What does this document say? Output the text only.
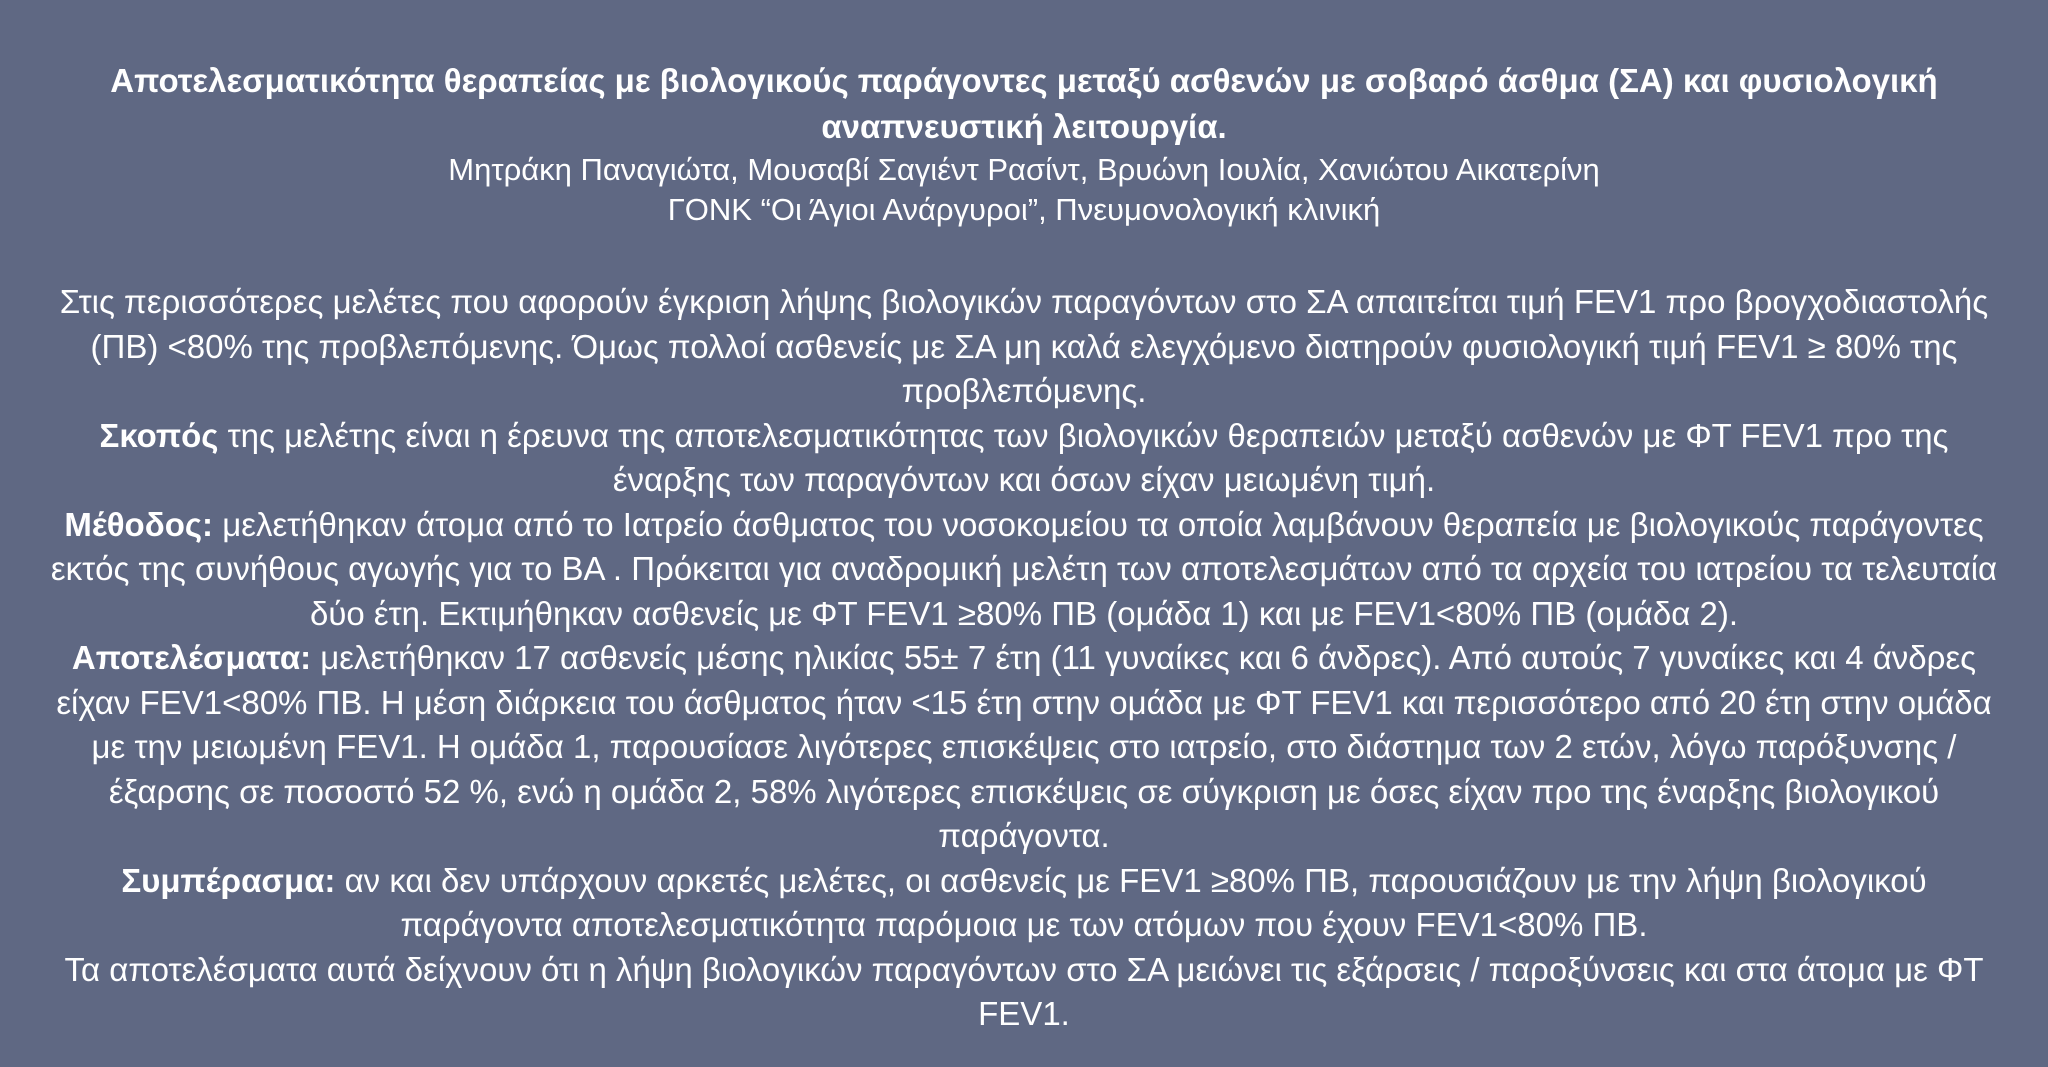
Αποτελεσματικότητα θεραπείας με βιολογικούς παράγοντες μεταξύ ασθενών με σοβαρό άσθμα (ΣΑ) και φυσιολογική αναπνευστική λειτουργία.

Μητράκη Παναγιώτα, Μουσαβί Σαγιέντ Ρασίντ, Βρυώνη Ιουλία, Χανιώτου Αικατερίνη

ΓΟΝΚ “Οι Άγιοι Ανάργυροι”, Πνευμονολογική κλινική

Στις περισσότερες μελέτες που αφορούν έγκριση λήψης βιολογικών παραγόντων στο ΣΑ απαιτείται τιμή FEV1 προ βρογχοδιαστολής (ΠΒ) <80% της προβλεπόμενης. Όμως πολλοί ασθενείς με ΣΑ μη καλά ελεγχόμενο διατηρούν φυσιολογική τιμή FEV1 ≥ 80% της προβλεπόμενης.

Σκοπός της μελέτης είναι η έρευνα της αποτελεσματικότητας των βιολογικών θεραπειών μεταξύ ασθενών με ΦΤ FEV1 προ της έναρξης των παραγόντων και όσων είχαν μειωμένη τιμή.

Μέθοδος: μελετήθηκαν άτομα από το Ιατρείο άσθματος του νοσοκομείου τα οποία λαμβάνουν θεραπεία με βιολογικούς παράγοντες εκτός της συνήθους αγωγής για το ΒΑ . Πρόκειται για αναδρομική μελέτη των αποτελεσμάτων από τα αρχεία του ιατρείου τα τελευταία δύο έτη. Εκτιμήθηκαν ασθενείς με ΦΤ FEV1 ≥80% ΠΒ (ομάδα 1) και με FEV1<80% ΠΒ (ομάδα 2).

Αποτελέσματα: μελετήθηκαν 17 ασθενείς μέσης ηλικίας 55± 7 έτη (11 γυναίκες και 6 άνδρες). Από αυτούς 7 γυναίκες και 4 άνδρες είχαν FEV1<80% ΠΒ. Η μέση διάρκεια του άσθματος ήταν <15 έτη στην ομάδα με ΦΤ FEV1 και περισσότερο από 20 έτη στην ομάδα με την μειωμένη FEV1. Η ομάδα 1, παρουσίασε λιγότερες επισκέψεις στο ιατρείο, στο διάστημα των 2 ετών, λόγω παρόξυνσης /έξαρσης σε ποσοστό 52 %, ενώ η ομάδα 2, 58% λιγότερες επισκέψεις σε σύγκριση με όσες είχαν προ της έναρξης βιολογικού παράγοντα.

Συμπέρασμα: αν και δεν υπάρχουν αρκετές μελέτες, οι ασθενείς με FEV1 ≥80% ΠΒ, παρουσιάζουν με την λήψη βιολογικού παράγοντα αποτελεσματικότητα παρόμοια με των ατόμων που έχουν FEV1<80% ΠΒ.

Τα αποτελέσματα αυτά δείχνουν ότι η λήψη βιολογικών παραγόντων στο ΣΑ μειώνει τις εξάρσεις / παροξύνσεις και στα άτομα με ΦΤ FEV1.
